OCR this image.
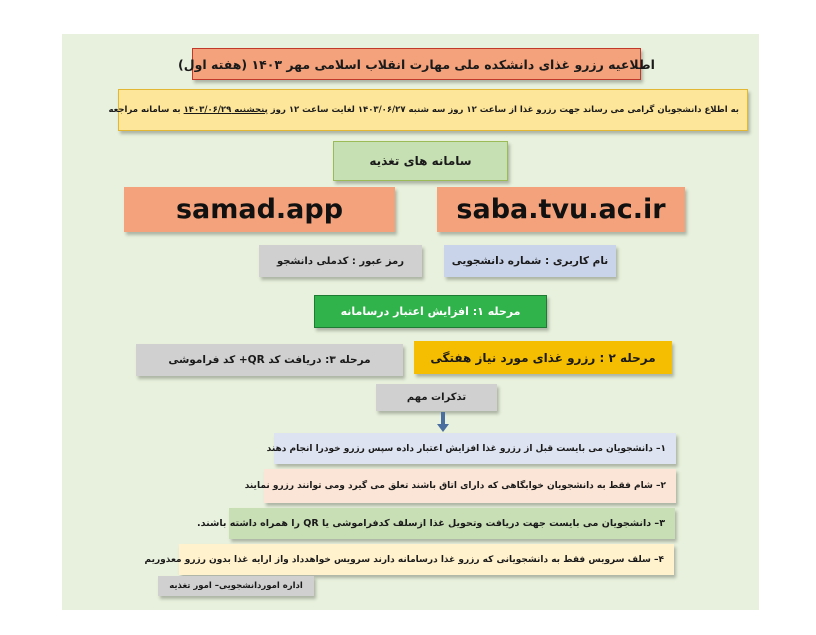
اطلاعیه رزرو غذای دانشکده ملی مهارت انقلاب اسلامی مهر ۱۴۰۳ (هفته اول)
به اطلاع دانشجویان گرامی می رساند جهت رزرو غذا از ساعت ۱۲ روز سه شنبه ۱۴۰۳/۰۶/۲۷ لغایت ساعت ۱۲ روز

پنجشنبه ۱۴۰۳/۰۶/۲۹

به سامانه مراجعه
سامانه های تغذیه
samad.app	saba.tvu.ac.ir
نام کاربری : شماره دانشجویی
رمز عبور : کدملی دانشجو
مرحله ۱: افزایش اعتبار درسامانه
مرحله ۲ : رزرو غذای مورد نیاز هفتگی
مرحله ۳: دریافت کد QR+ کد فراموشی
تذکرات مهم
۱– دانشجویان می بایست قبل از رزرو غذا افزایش اعتبار داده سپس رزرو خودرا انجام دهند
۲– شام فقط به دانشجویان خوابگاهی که دارای اتاق باشند تعلق می گیرد ومی توانند رزرو نمایند
۳– دانشجویان می بایست جهت دریافت وتحویل غذا ازسلف کدفراموشی یا QR را همراه داشته باشند.
۴– سلف سرویس فقط به دانشجویانی که رزرو غذا درسامانه دارند سرویس خواهدداد واز ارایه غذا بدون رزرو معذوریم
اداره اموردانشجویی– امور تغذیه
